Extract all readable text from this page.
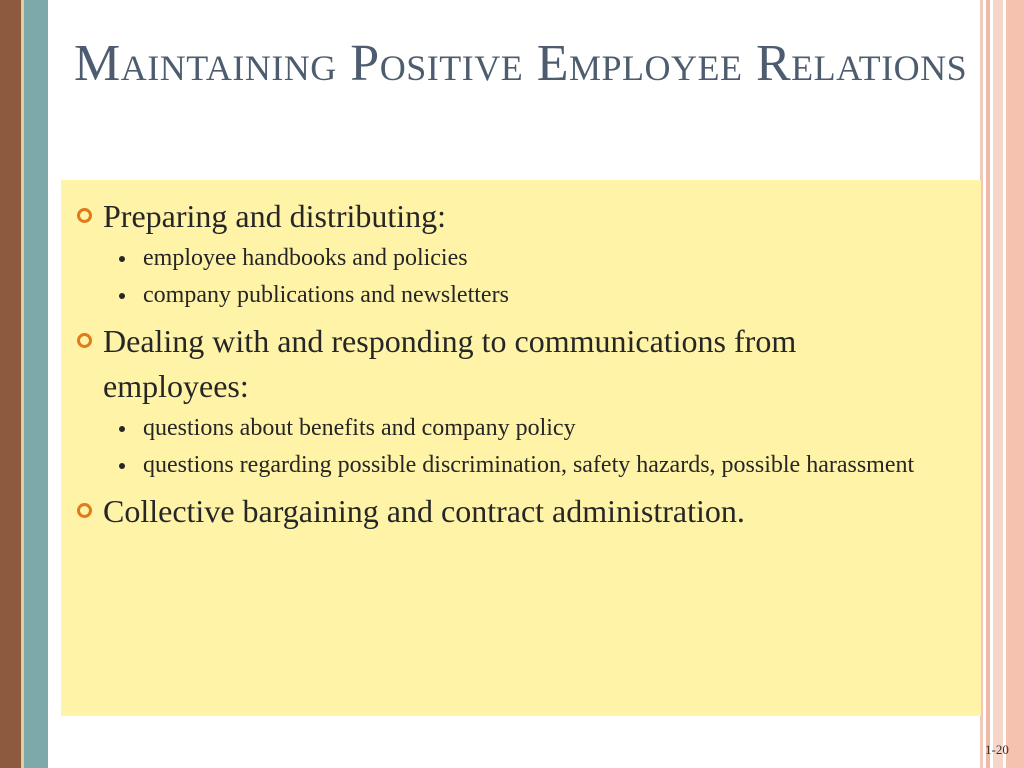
Maintaining Positive Employee Relations
Preparing and distributing:
employee handbooks and policies
company publications and newsletters
Dealing with and responding to communications from employees:
questions about benefits and company policy
questions regarding possible discrimination, safety hazards, possible harassment
Collective bargaining and contract administration.
1-20
